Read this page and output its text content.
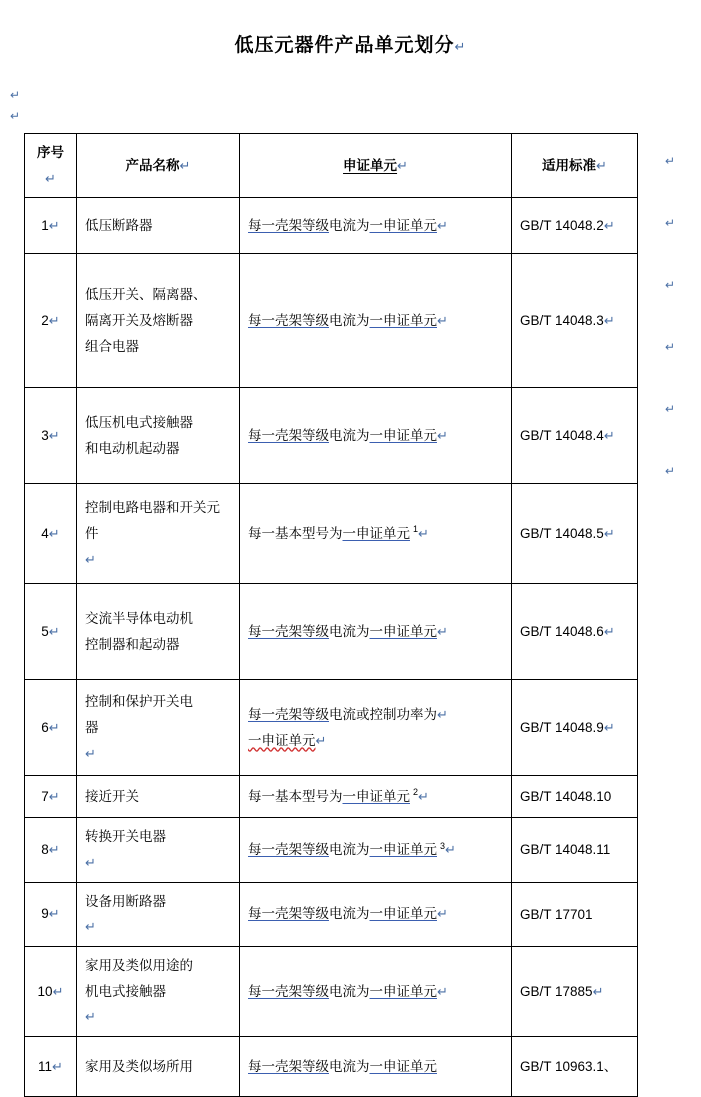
↵
↵
低压元器件产品单元划分↵
↵
↵
↵
↵
↵
↵
序号↵	产品名称↵	申证单元↵	适用标准↵
1↵	低压断路器	每一壳架等级电流为一申证单元↵	GB/T 14048.2↵
2↵	低压开关、隔离器、
隔离开关及熔断器
组合电器	每一壳架等级电流为一申证单元↵	GB/T 14048.3↵
3↵	低压机电式接触器
和电动机起动器	每一壳架等级电流为一申证单元↵	GB/T 14048.4↵
4↵	控制电路电器和开关元
件
↵	每一基本型号为一申证单元 $^1$↵	GB/T 14048.5↵
5↵	交流半导体电动机
控制器和起动器	每一壳架等级电流为一申证单元↵	GB/T 14048.6↵
6↵	控制和保护开关电
器
↵	每一壳架等级电流或控制功率为↵
一申证单元↵	GB/T 14048.9↵
7↵	接近开关	每一基本型号为一申证单元 $^2$↵	GB/T 14048.10
8↵	转换开关电器
↵	每一壳架等级电流为一申证单元 $^3$↵	GB/T 14048.11
9↵	设备用断路器
↵	每一壳架等级电流为一申证单元↵	GB/T 17701
10↵	家用及类似用途的
机电式接触器
↵	每一壳架等级电流为一申证单元↵	GB/T 17885↵
11↵	家用及类似场所用	每一壳架等级电流为一申证单元	GB/T 10963.1、
